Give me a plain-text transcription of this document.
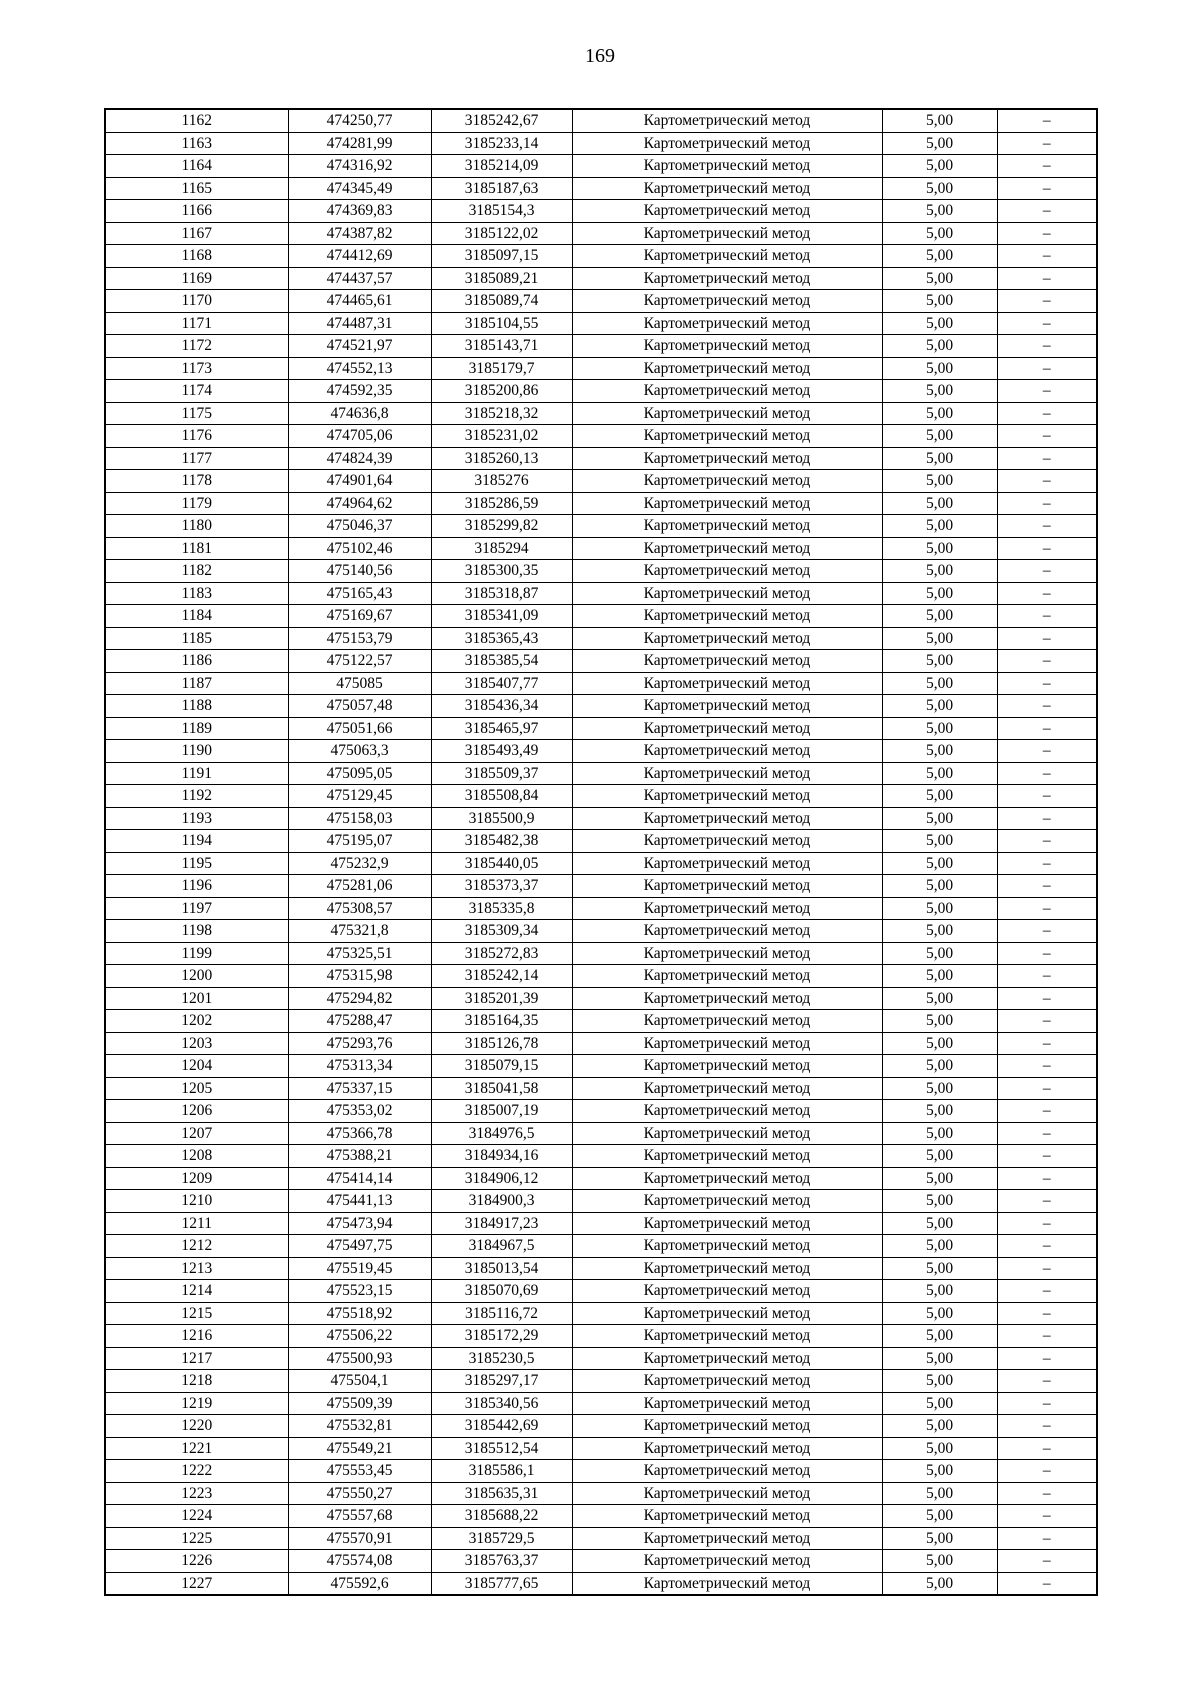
169
1162	474250,77	3185242,67	Картометрический метод	5,00	–
1163	474281,99	3185233,14	Картометрический метод	5,00	–
1164	474316,92	3185214,09	Картометрический метод	5,00	–
1165	474345,49	3185187,63	Картометрический метод	5,00	–
1166	474369,83	3185154,3	Картометрический метод	5,00	–
1167	474387,82	3185122,02	Картометрический метод	5,00	–
1168	474412,69	3185097,15	Картометрический метод	5,00	–
1169	474437,57	3185089,21	Картометрический метод	5,00	–
1170	474465,61	3185089,74	Картометрический метод	5,00	–
1171	474487,31	3185104,55	Картометрический метод	5,00	–
1172	474521,97	3185143,71	Картометрический метод	5,00	–
1173	474552,13	3185179,7	Картометрический метод	5,00	–
1174	474592,35	3185200,86	Картометрический метод	5,00	–
1175	474636,8	3185218,32	Картометрический метод	5,00	–
1176	474705,06	3185231,02	Картометрический метод	5,00	–
1177	474824,39	3185260,13	Картометрический метод	5,00	–
1178	474901,64	3185276	Картометрический метод	5,00	–
1179	474964,62	3185286,59	Картометрический метод	5,00	–
1180	475046,37	3185299,82	Картометрический метод	5,00	–
1181	475102,46	3185294	Картометрический метод	5,00	–
1182	475140,56	3185300,35	Картометрический метод	5,00	–
1183	475165,43	3185318,87	Картометрический метод	5,00	–
1184	475169,67	3185341,09	Картометрический метод	5,00	–
1185	475153,79	3185365,43	Картометрический метод	5,00	–
1186	475122,57	3185385,54	Картометрический метод	5,00	–
1187	475085	3185407,77	Картометрический метод	5,00	–
1188	475057,48	3185436,34	Картометрический метод	5,00	–
1189	475051,66	3185465,97	Картометрический метод	5,00	–
1190	475063,3	3185493,49	Картометрический метод	5,00	–
1191	475095,05	3185509,37	Картометрический метод	5,00	–
1192	475129,45	3185508,84	Картометрический метод	5,00	–
1193	475158,03	3185500,9	Картометрический метод	5,00	–
1194	475195,07	3185482,38	Картометрический метод	5,00	–
1195	475232,9	3185440,05	Картометрический метод	5,00	–
1196	475281,06	3185373,37	Картометрический метод	5,00	–
1197	475308,57	3185335,8	Картометрический метод	5,00	–
1198	475321,8	3185309,34	Картометрический метод	5,00	–
1199	475325,51	3185272,83	Картометрический метод	5,00	–
1200	475315,98	3185242,14	Картометрический метод	5,00	–
1201	475294,82	3185201,39	Картометрический метод	5,00	–
1202	475288,47	3185164,35	Картометрический метод	5,00	–
1203	475293,76	3185126,78	Картометрический метод	5,00	–
1204	475313,34	3185079,15	Картометрический метод	5,00	–
1205	475337,15	3185041,58	Картометрический метод	5,00	–
1206	475353,02	3185007,19	Картометрический метод	5,00	–
1207	475366,78	3184976,5	Картометрический метод	5,00	–
1208	475388,21	3184934,16	Картометрический метод	5,00	–
1209	475414,14	3184906,12	Картометрический метод	5,00	–
1210	475441,13	3184900,3	Картометрический метод	5,00	–
1211	475473,94	3184917,23	Картометрический метод	5,00	–
1212	475497,75	3184967,5	Картометрический метод	5,00	–
1213	475519,45	3185013,54	Картометрический метод	5,00	–
1214	475523,15	3185070,69	Картометрический метод	5,00	–
1215	475518,92	3185116,72	Картометрический метод	5,00	–
1216	475506,22	3185172,29	Картометрический метод	5,00	–
1217	475500,93	3185230,5	Картометрический метод	5,00	–
1218	475504,1	3185297,17	Картометрический метод	5,00	–
1219	475509,39	3185340,56	Картометрический метод	5,00	–
1220	475532,81	3185442,69	Картометрический метод	5,00	–
1221	475549,21	3185512,54	Картометрический метод	5,00	–
1222	475553,45	3185586,1	Картометрический метод	5,00	–
1223	475550,27	3185635,31	Картометрический метод	5,00	–
1224	475557,68	3185688,22	Картометрический метод	5,00	–
1225	475570,91	3185729,5	Картометрический метод	5,00	–
1226	475574,08	3185763,37	Картометрический метод	5,00	–
1227	475592,6	3185777,65	Картометрический метод	5,00	–
